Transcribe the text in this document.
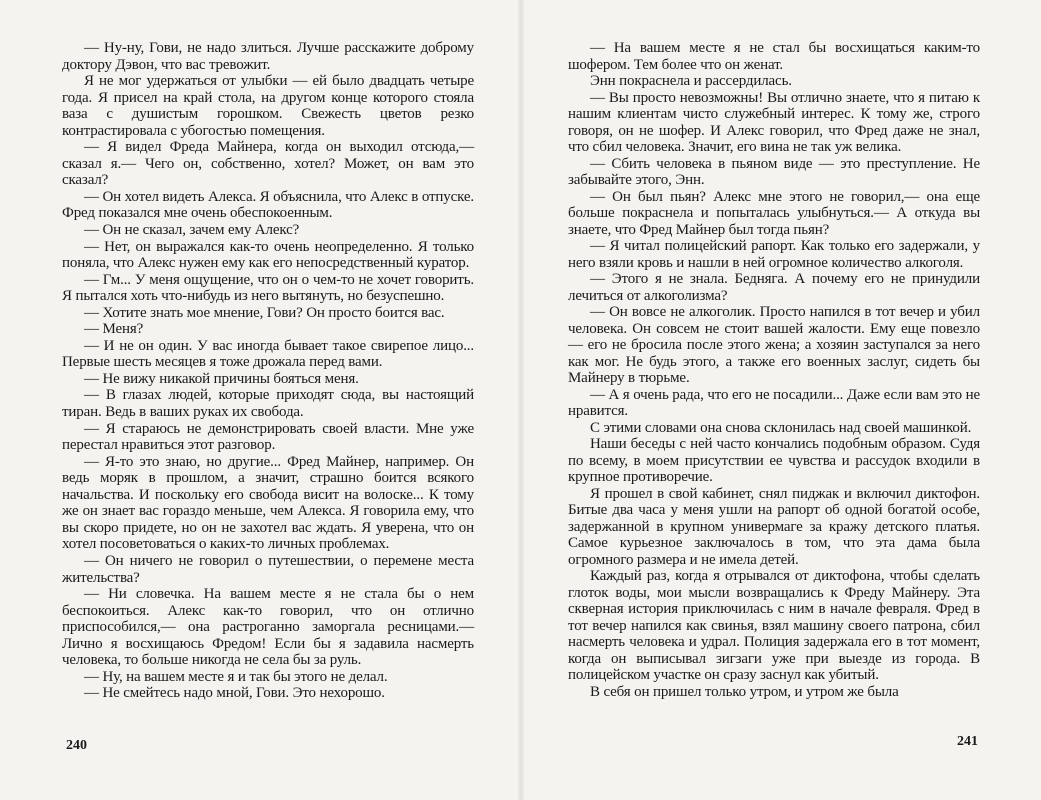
— Ну-ну, Гови, не надо злиться. Лучше расскажите доброму доктору Дэвон, что вас тревожит.

Я не мог удержаться от улыбки — ей было двадцать четыре года. Я присел на край стола, на другом конце которого стояла ваза с душистым горошком. Свежесть цветов резко контрастировала с убогостью помещения.

— Я видел Фреда Майнера, когда он выходил отсюда,— сказал я.— Чего он, собственно, хотел? Может, он вам это сказал?

— Он хотел видеть Алекса. Я объяснила, что Алекс в отпуске. Фред показался мне очень обеспокоенным.

— Он не сказал, зачем ему Алекс?

— Нет, он выражался как-то очень неопределенно. Я только поняла, что Алекс нужен ему как его непосредственный куратор.

— Гм... У меня ощущение, что он о чем-то не хочет говорить. Я пытался хоть что-нибудь из него вытянуть, но безуспешно.

— Хотите знать мое мнение, Гови? Он просто боится вас.

— Меня?

— И не он один. У вас иногда бывает такое свирепое лицо... Первые шесть месяцев я тоже дрожала перед вами.

— Не вижу никакой причины бояться меня.

— В глазах людей, которые приходят сюда, вы настоящий тиран. Ведь в ваших руках их свобода.

— Я стараюсь не демонстрировать своей власти. Мне уже перестал нравиться этот разговор.

— Я-то это знаю, но другие... Фред Майнер, например. Он ведь моряк в прошлом, а значит, страшно боится всякого начальства. И поскольку его свобода висит на волоске... К тому же он знает вас гораздо меньше, чем Алекса. Я говорила ему, что вы скоро придете, но он не захотел вас ждать. Я уверена, что он хотел посоветоваться о каких-то личных проблемах.

— Он ничего не говорил о путешествии, о перемене места жительства?

— Ни словечка. На вашем месте я не стала бы о нем беспокоиться. Алекс как-то говорил, что он отлично приспособился,— она растроганно заморгала ресницами.— Лично я восхищаюсь Фредом! Если бы я задавила насмерть человека, то больше никогда не села бы за руль.

— Ну, на вашем месте я и так бы этого не делал.

— Не смейтесь надо мной, Гови. Это нехорошо.

240

— На вашем месте я не стал бы восхищаться каким-то шофером. Тем более что он женат.

Энн покраснела и рассердилась.

— Вы просто невозможны! Вы отлично знаете, что я питаю к нашим клиентам чисто служебный интерес. К тому же, строго говоря, он не шофер. И Алекс говорил, что Фред даже не знал, что сбил человека. Значит, его вина не так уж велика.

— Сбить человека в пьяном виде — это преступление. Не забывайте этого, Энн.

— Он был пьян? Алекс мне этого не говорил,— она еще больше покраснела и попыталась улыбнуться.— А откуда вы знаете, что Фред Майнер был тогда пьян?

— Я читал полицейский рапорт. Как только его задержали, у него взяли кровь и нашли в ней огромное количество алкоголя.

— Этого я не знала. Бедняга. А почему его не принудили лечиться от алкоголизма?

— Он вовсе не алкоголик. Просто напился в тот вечер и убил человека. Он совсем не стоит вашей жалости. Ему еще повезло — его не бросила после этого жена; а хозяин заступался за него как мог. Не будь этого, а также его военных заслуг, сидеть бы Майнеру в тюрьме.

— А я очень рада, что его не посадили... Даже если вам это не нравится.

С этими словами она снова склонилась над своей машинкой.

Наши беседы с ней часто кончались подобным образом. Судя по всему, в моем присутствии ее чувства и рассудок входили в крупное противоречие.

Я прошел в свой кабинет, снял пиджак и включил диктофон. Битые два часа у меня ушли на рапорт об одной богатой особе, задержанной в крупном универмаге за кражу детского платья. Самое курьезное заключалось в том, что эта дама была огромного размера и не имела детей.

Каждый раз, когда я отрывался от диктофона, чтобы сделать глоток воды, мои мысли возвращались к Фреду Майнеру. Эта скверная история приключилась с ним в начале февраля. Фред в тот вечер напился как свинья, взял машину своего патрона, сбил насмерть человека и удрал. Полиция задержала его в тот момент, когда он выписывал зигзаги уже при выезде из города. В полицейском участке он сразу заснул как убитый.

В себя он пришел только утром, и утром же была

241
